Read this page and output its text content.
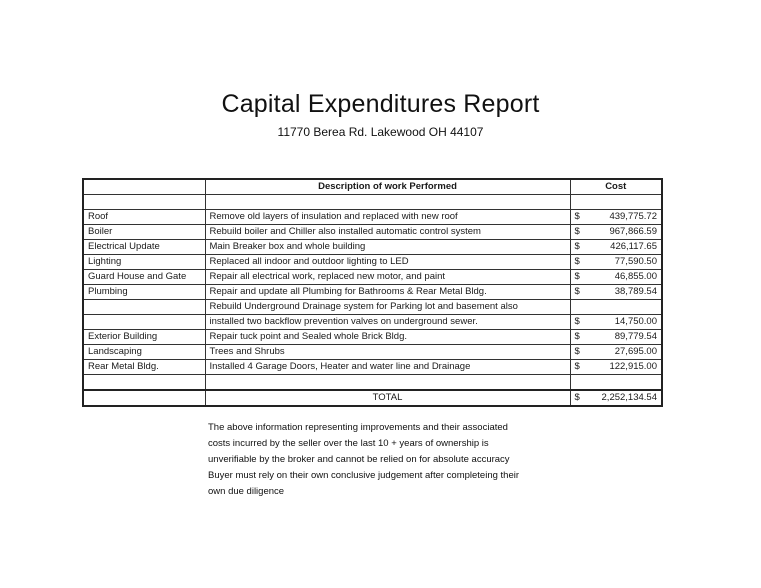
Capital Expenditures Report
11770 Berea Rd. Lakewood OH 44107
	Description of work Performed	Cost

Roof	Remove old layers of insulation and replaced with new roof	$ 439,775.72

Boiler	Rebuild boiler and Chiller also installed automatic control system	$ 967,866.59

Electrical Update	Main Breaker box and whole building	$ 426,117.65

Lighting	Replaced all indoor and outdoor lighting to LED	$ 77,590.50

Guard House and Gate	Repair all electrical work, replaced new motor, and paint	$ 46,855.00

Plumbing	Repair and update all Plumbing for Bathrooms & Rear Metal Bldg.	$ 38,789.54

	Rebuild Underground Drainage system for Parking lot and basement also	

	installed two backflow prevention valves on underground sewer.	$ 14,750.00

Exterior Building	Repair tuck point and Sealed whole Brick Bldg.	$ 89,779.54

Landscaping	Trees and Shrubs	$ 27,695.00

Rear Metal Bldg.	Installed 4 Garage Doors, Heater and water line and Drainage	$ 122,915.00

	TOTAL	$ 2,252,134.54

The above information representing improvements and their associated

costs incurred by the seller over the last 10 + years of ownership is

unverifiable by the broker and cannot be relied on for absolute accuracy

Buyer must rely on their own conclusive judgement after completeing their

own due diligence
